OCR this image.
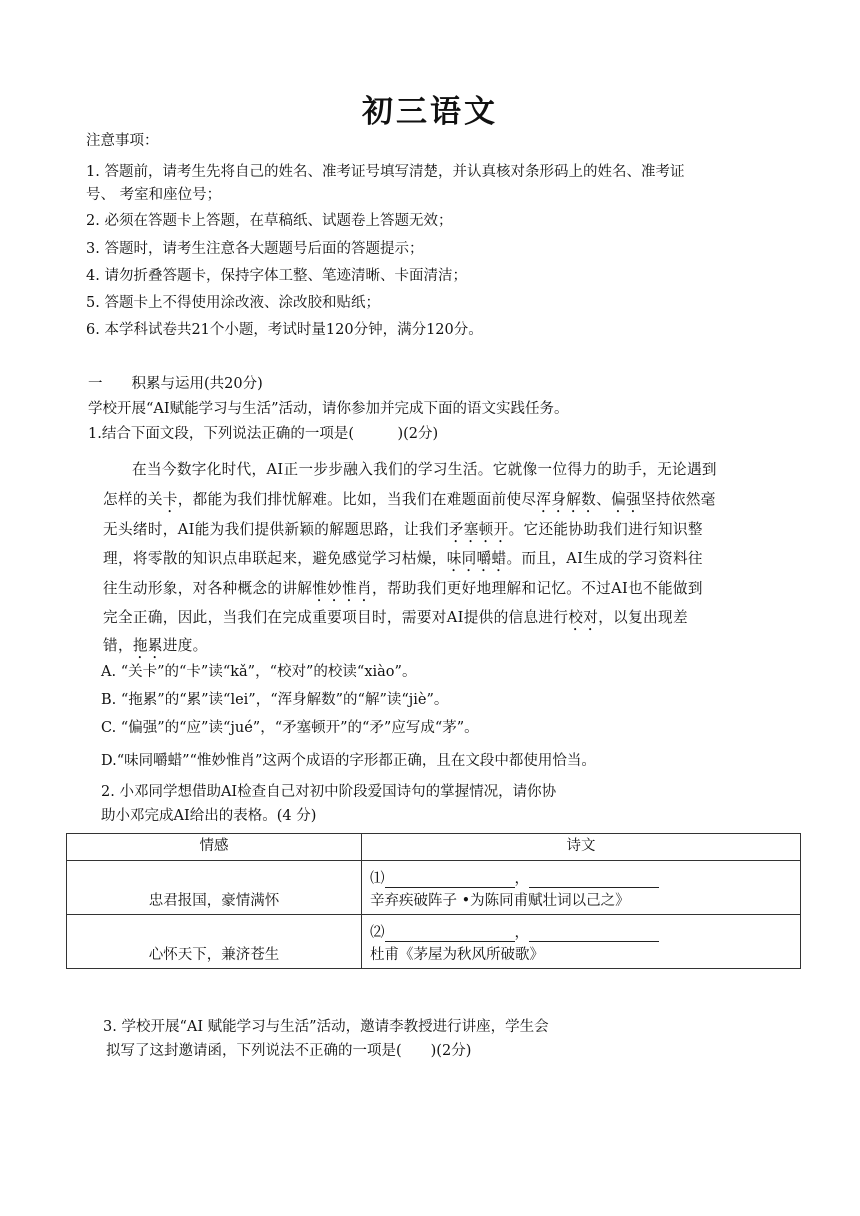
初三语文
注意事项：
1. 答题前，请考生先将自己的姓名、准考证号填写清楚，并认真核对条形码上的姓名、准考证
号、 考室和座位号；
2. 必须在答题卡上答题，在草稿纸、试题卷上答题无效；
3. 答题时，请考生注意各大题题号后面的答题提示；
4. 请勿折叠答题卡，保持字体工整、笔迹清晰、卡面清洁；
5. 答题卡上不得使用涂改液、涂改胶和贴纸；
6. 本学科试卷共21个小题，考试时量120分钟，满分120分。
一　　积累与运用(共20分)
学校开展“AI赋能学习与生活”活动，请你参加并完成下面的语文实践任务。
1.结合下面文段，下列说法正确的一项是(　　　)(2分)
在当今数字化时代，AI正一步步融入我们的学习生活。它就像一位得力的助手，无论遇到
怎样的关卡，都能为我们排忧解难。比如，当我们在难题面前使尽浑身解数、偏强坚持依然毫
无头绪时，AI能为我们提供新颖的解题思路，让我们矛塞顿开。它还能协助我们进行知识整
理，将零散的知识点串联起来，避免感觉学习枯燥，味同嚼蜡。而且，AI生成的学习资料往
往生动形象，对各种概念的讲解惟妙惟肖，帮助我们更好地理解和记忆。不过AI也不能做到
完全正确，因此，当我们在完成重要项目时，需要对AI提供的信息进行校对，以复出现差
错，拖累进度。
A. “关卡”的“卡”读“kǎ”，“校对”的校读“xiào”。
B. “拖累”的“累”读“lei”，“浑身解数”的“解”读“jiè”。
C. “偏强”的“应”读“jué”，“矛塞顿开”的“矛”应写成“茅”。
D.“味同嚼蜡”“惟妙惟肖”这两个成语的字形都正确，且在文段中都使用恰当。
2. 小邓同学想借助AI检查自己对初中阶段爱国诗句的掌握情况，请你协
助小邓完成AI给出的表格。(4 分)
情感	诗文

忠君报国，豪情满怀	⑴ ，
辛弃疾破阵子 •为陈同甫赋壮词以己之》

心怀天下，兼济苍生	⑵ ，
杜甫《茅屋为秋风所破歌》
3. 学校开展“AI 赋能学习与生活”活动，邀请李教授进行讲座，学生会
拟写了这封邀请函，下列说法不正确的一项是(　　)(2分)
